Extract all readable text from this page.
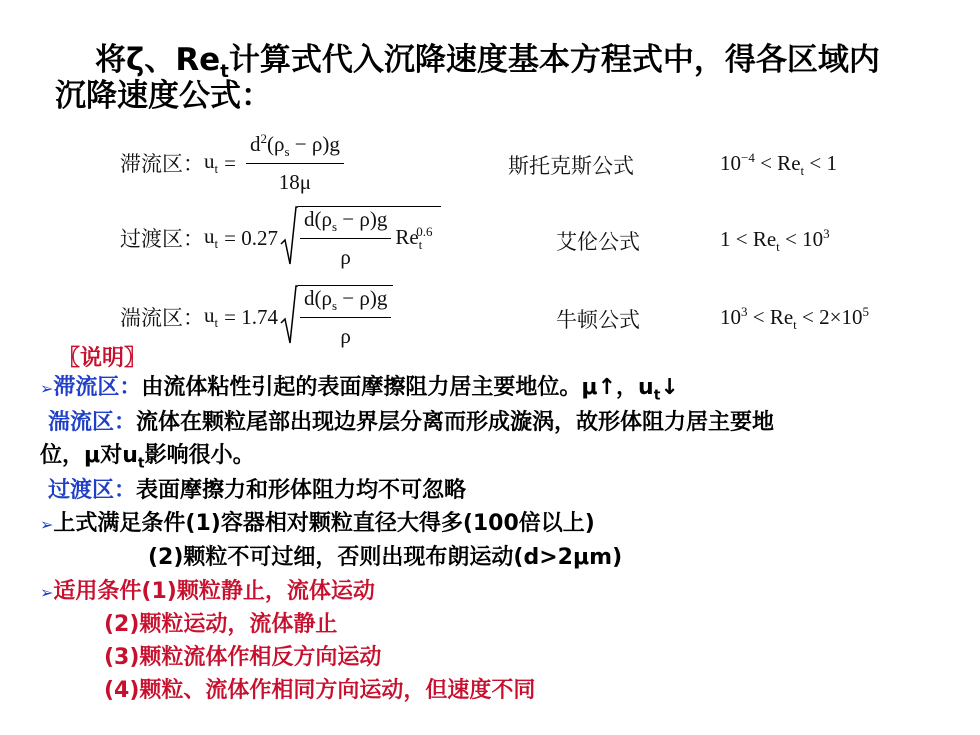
将ζ、$Re_t$计算式代入沉降速度基本方程式中，得各区域内
沉降速度公式：
滞流区： $u_t = \frac{d^2(\rho_s - \rho)g}{18\mu}$	斯托克斯公式	$10^{-4} < Re_t < 1$
过渡区： $u_t = 0.27 \frac{d(\rho_s - \rho)g}{\rho} Re_t^{0.6}$	艾伦公式	$1 < Re_t < 10^3$
湍流区： $u_t = 1.74 \frac{d(\rho_s - \rho)g}{\rho}$	牛顿公式	$10^3 < Re_t < 2\times 10^5$
〖说明〗
➢滞流区：由流体粘性引起的表面摩擦阻力居主要地位。μ↑，$u_t↓$
湍流区：流体在颗粒尾部出现边界层分离而形成漩涡，故形体阻力居主要地
位，μ对$u_t$影响很小。
过渡区：表面摩擦力和形体阻力均不可忽略
➢上式满足条件(1)容器相对颗粒直径大得多(100倍以上)
(2)颗粒不可过细，否则出现布朗运动(d>2μm)
➢适用条件(1)颗粒静止，流体运动
(2)颗粒运动，流体静止
(3)颗粒流体作相反方向运动
(4)颗粒、流体作相同方向运动，但速度不同
